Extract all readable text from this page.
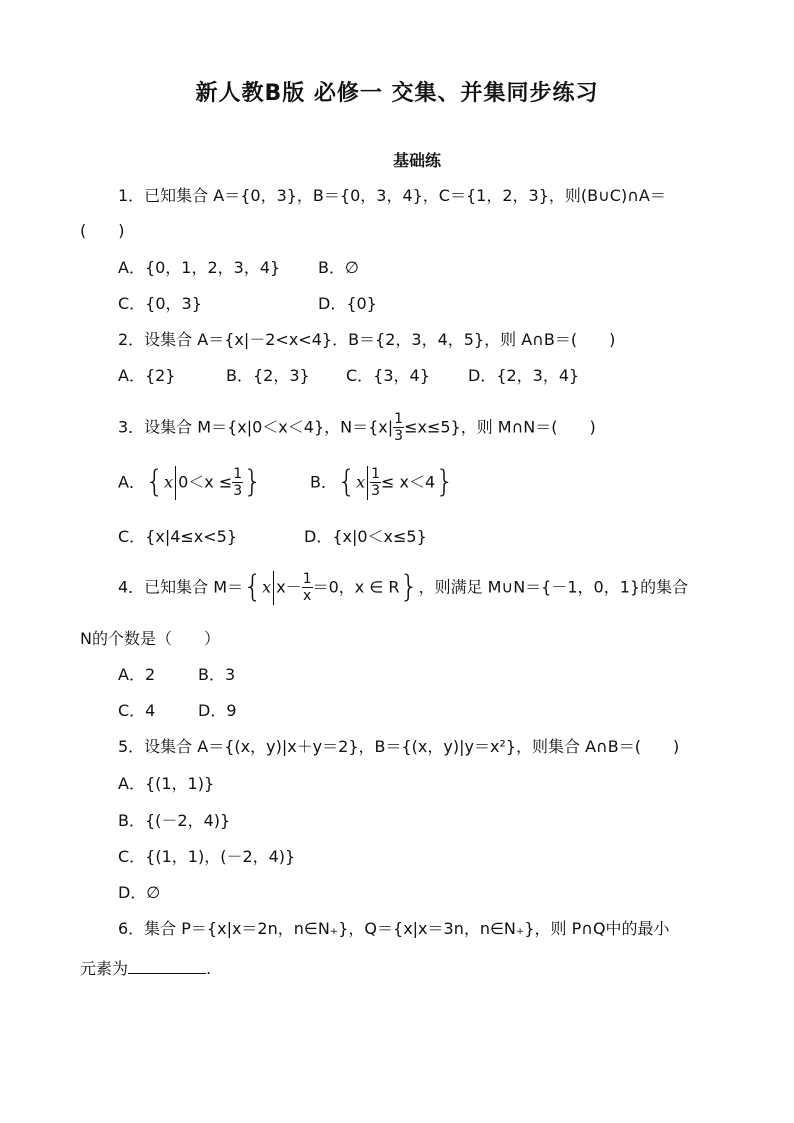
新人教B版 必修一 交集、并集同步练习
基础练
1．已知集合 A＝{0，3}，B＝{0，3，4}，C＝{1，2，3}，则(B∪C)∩A＝
(　　)
A．{0，1，2，3，4} B．∅
C．{0，3}	D．{0}
2．设集合 A＝{x|－2<x<4}．B＝{2，3，4，5}，则 A∩B＝(　　)
A．{2}	B．{2，3} C．{3，4} D．{2，3，4}
3．设集合 M＝{x|0＜x＜4}，$N=\{x| \frac{1}{3} \le x\le 5\}$，则 M∩N＝(　　)
A．{x $0<x \le \frac{1}{3}$ }	B．$\{x \frac{1}{3} \le x<4\}$
C．{x|4≤x<5}	D．{x|0＜x≤5}
4．已知集合 M＝{x $x- \frac{1}{x} =0$，x ∈ R}，则满足 M∪N＝{－1，0，1}的集合
N的个数是（　　）
A．2	B．3
C．4	D．9
5．设集合 A＝{(x，y)|x＋y＝2}，B＝{(x，y)|y＝x²}，则集合 A∩B＝(　　)
A．{(1，1)}
B．{(－2，4)}
C．{(1，1)，(－2，4)}
D．∅
6．集合 P＝{x|x＝2n，n∈N₊}，Q＝{x|x＝3n，n∈N₊}，则 P∩Q中的最小
元素为	.
